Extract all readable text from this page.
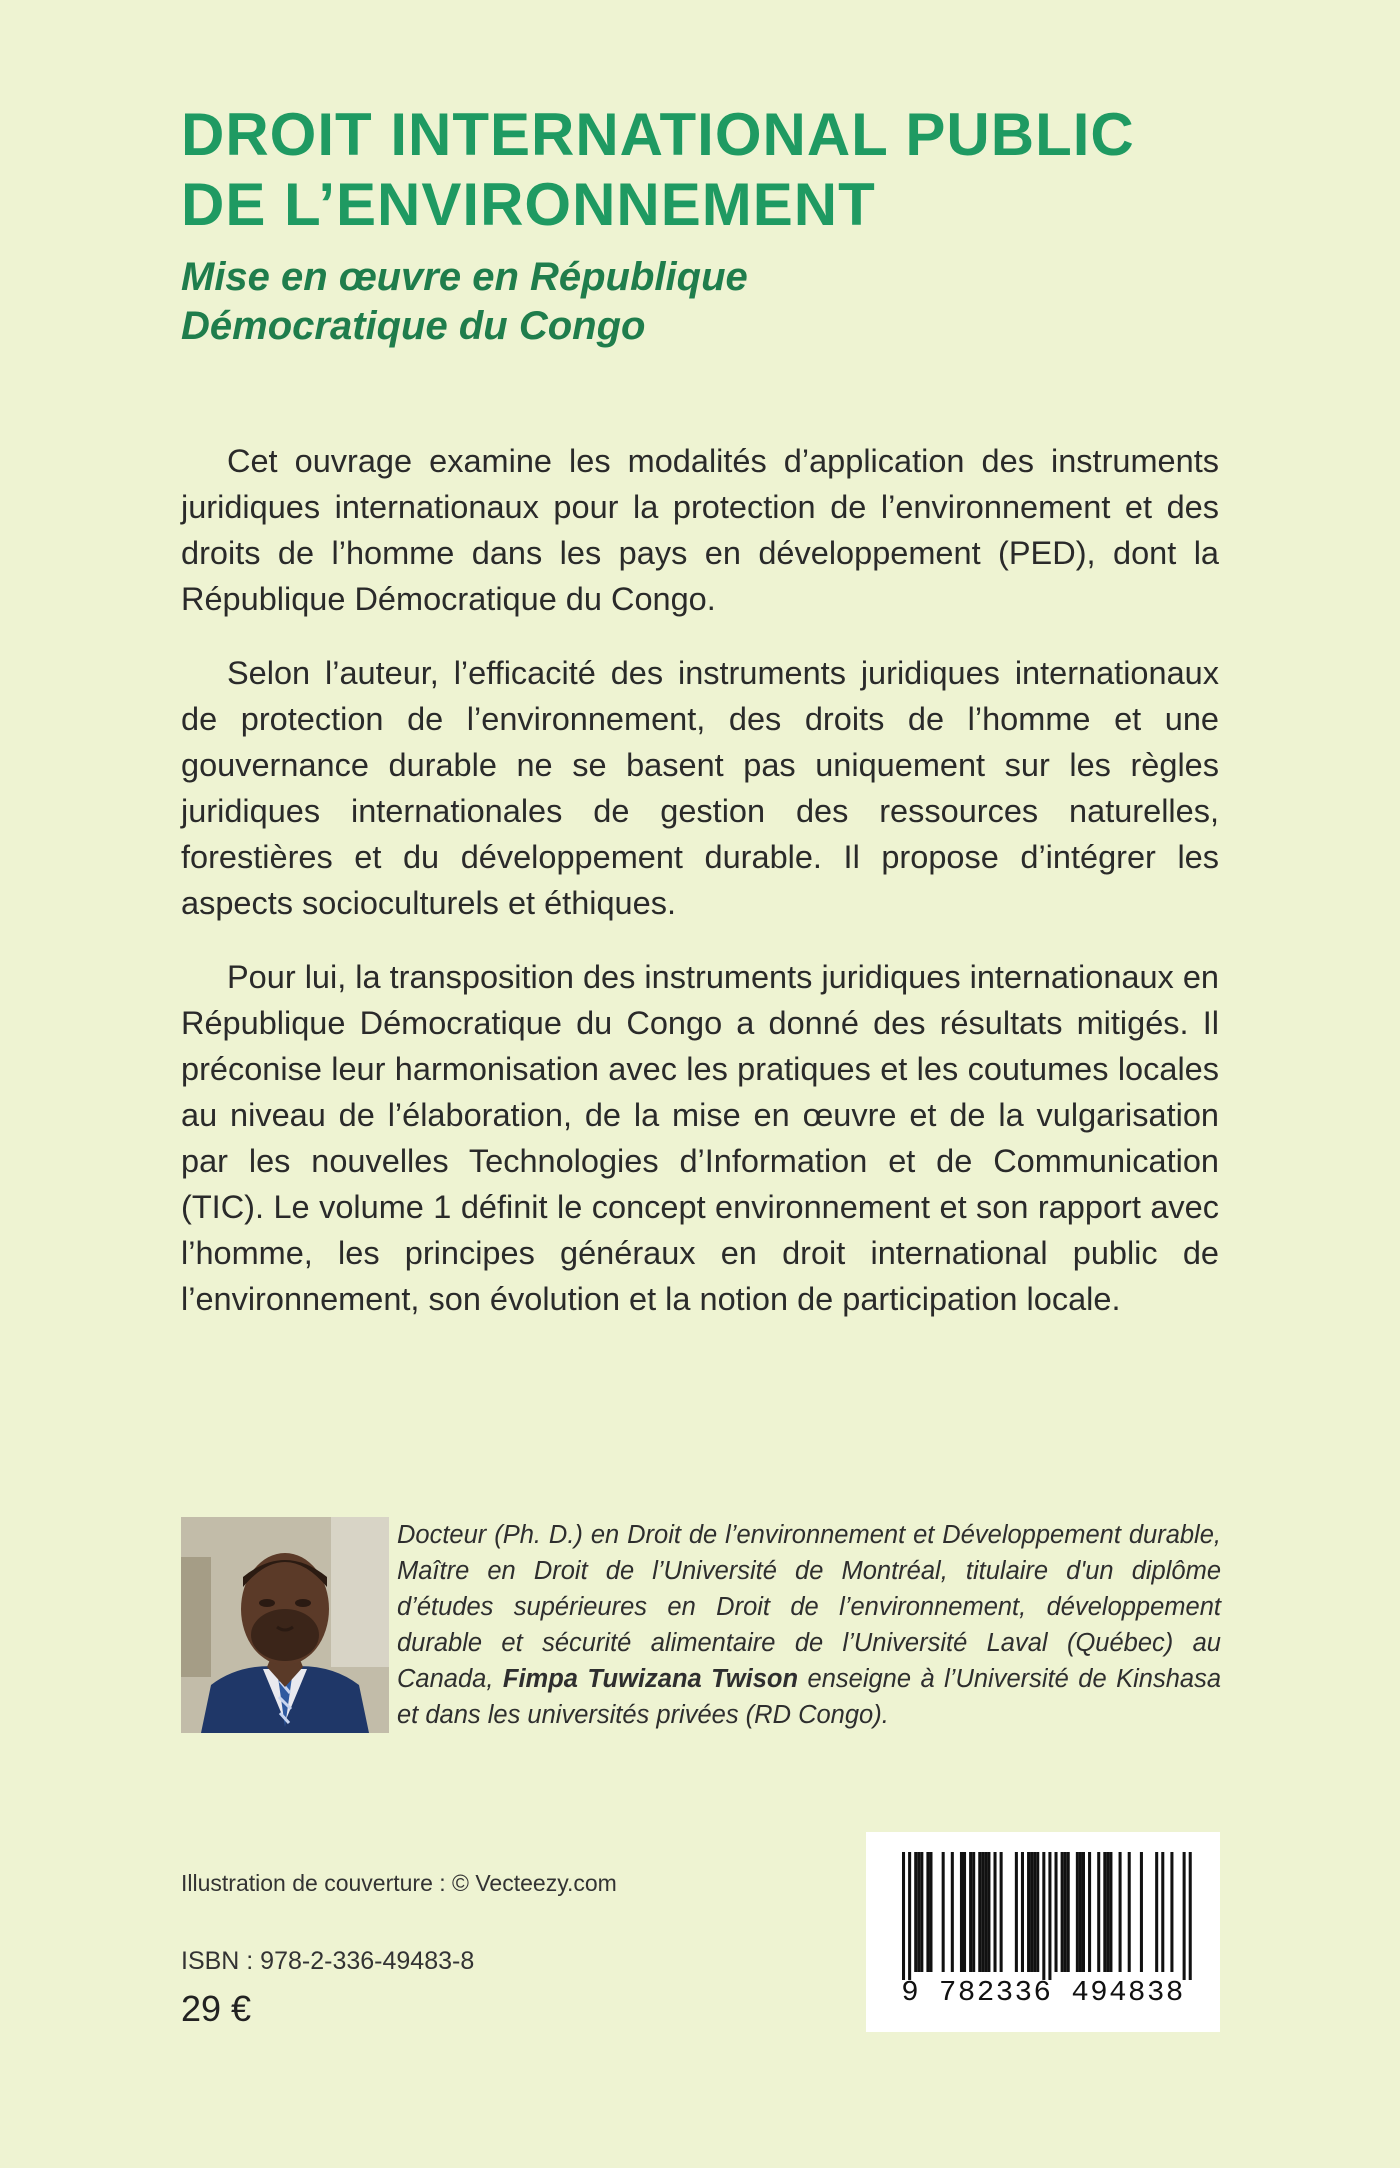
DROIT INTERNATIONAL PUBLIC
DE L’ENVIRONNEMENT
Mise en œuvre en République
Démocratique du Congo

Cet ouvrage examine les modalités d’application des instruments juridiques internationaux pour la protection de l’environnement et des droits de l’homme dans les pays en développement (PED), dont la République Démocratique du Congo.

Selon l’auteur, l’efficacité des instruments juridiques internationaux de protection de l’environnement, des droits de l’homme et une gouvernance durable ne se basent pas uniquement sur les règles juridiques internationales de gestion des ressources naturelles, forestières et du développement durable. Il propose d’intégrer les aspects socioculturels et éthiques.

Pour lui, la transposition des instruments juridiques internationaux en République Démocratique du Congo a donné des résultats mitigés. Il préconise leur harmonisation avec les pratiques et les coutumes locales au niveau de l’élaboration, de la mise en œuvre et de la vulgarisation par les nouvelles Technologies d’Information et de Communication (TIC). Le volume 1 définit le concept environnement et son rapport avec l’homme, les principes généraux en droit international public de l’environnement, son évolution et la notion de participation locale.

Docteur (Ph. D.) en Droit de l’environnement et Développement durable, Maître en Droit de l’Université de Montréal, titulaire d'un diplôme d’études supérieures en Droit de l’environnement, développement durable et sécurité alimentaire de l’Université Laval (Québec) au Canada, Fimpa Tuwizana Twison enseigne à l’Université de Kinshasa et dans les universités privées (RD Congo).

Illustration de couverture : © Vecteezy.com
ISBN : 978-2-336-49483-8
29 €	9 782336 494838
